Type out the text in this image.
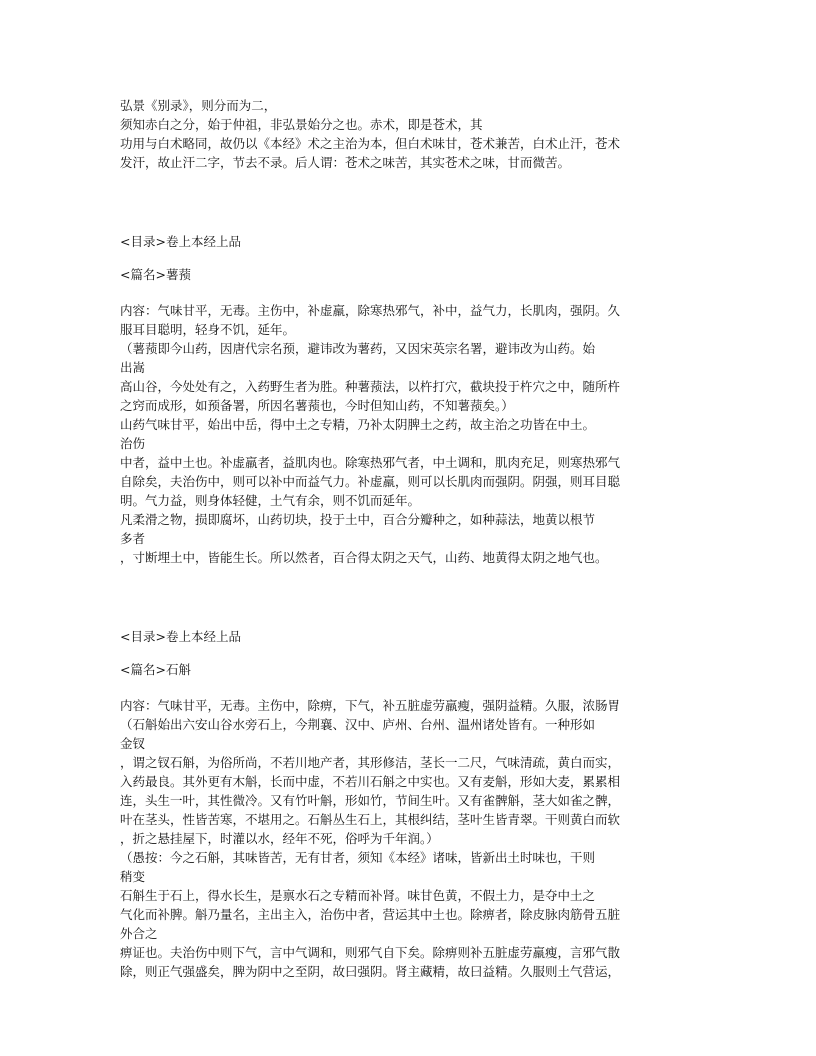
弘景《别录》，则分而为二，
须知赤白之分，始于仲祖，非弘景始分之也。赤术，即是苍术，其
功用与白术略同，故仍以《本经》术之主治为本，但白术味甘，苍术兼苦，白术止汗，苍术
发汗，故止汗二字，节去不录。后人谓：苍术之味苦，其实苍术之味，甘而微苦。
<目录>卷上本经上品
<篇名>薯蓣
内容：气味甘平，无毒。主伤中，补虚羸，除寒热邪气，补中，益气力，长肌肉，强阴。久
服耳目聪明，轻身不饥，延年。
（薯蓣即今山药，因唐代宗名预，避讳改为薯药，又因宋英宗名署，避讳改为山药。始
出嵩
高山谷，今处处有之，入药野生者为胜。种薯蓣法，以杵打穴，截块投于杵穴之中，随所杵
之窍而成形，如预备署，所因名薯蓣也，今时但知山药，不知薯蓣矣。）
山药气味甘平，始出中岳，得中土之专精，乃补太阴脾土之药，故主治之功皆在中土。
治伤
中者，益中土也。补虚羸者，益肌肉也。除寒热邪气者，中土调和，肌肉充足，则寒热邪气
自除矣，夫治伤中，则可以补中而益气力。补虚羸，则可以长肌肉而强阴。阴强，则耳目聪
明。气力益，则身体轻健，土气有余，则不饥而延年。
凡柔滑之物，损即腐坏，山药切块，投于土中，百合分瓣种之，如种蒜法，地黄以根节
多者
，寸断埋土中，皆能生长。所以然者，百合得太阴之天气，山药、地黄得太阴之地气也。
<目录>卷上本经上品
<篇名>石斛
内容：气味甘平，无毒。主伤中，除痹，下气，补五脏虚劳羸瘦，强阴益精。久服，浓肠胃
（石斛始出六安山谷水旁石上，今荆襄、汉中、庐州、台州、温州诸处皆有。一种形如
金钗
，谓之钗石斛，为俗所尚，不若川地产者，其形修洁，茎长一二尺，气味清疏，黄白而实，
入药最良。其外更有木斛，长而中虚，不若川石斛之中实也。又有麦斛，形如大麦，累累相
连，头生一叶，其性微冷。又有竹叶斛，形如竹，节间生叶。又有雀髀斛，茎大如雀之髀，
叶在茎头，性皆苦寒，不堪用之。石斛丛生石上，其根纠结，茎叶生皆青翠。干则黄白而软
，折之悬挂屋下，时灌以水，经年不死，俗呼为千年润。）
（愚按：今之石斛，其味皆苦，无有甘者，须知《本经》诸味，皆新出土时味也，干则
稍变
石斛生于石上，得水长生，是禀水石之专精而补肾。味甘色黄，不假土力，是夺中土之
气化而补脾。斛乃量名，主出主入，治伤中者，营运其中土也。除痹者，除皮脉肉筋骨五脏
外合之
痹证也。夫治伤中则下气，言中气调和，则邪气自下矣。除痹则补五脏虚劳羸瘦，言邪气散
除，则正气强盛矣，脾为阴中之至阴，故曰强阴。肾主藏精，故曰益精。久服则土气营运，
